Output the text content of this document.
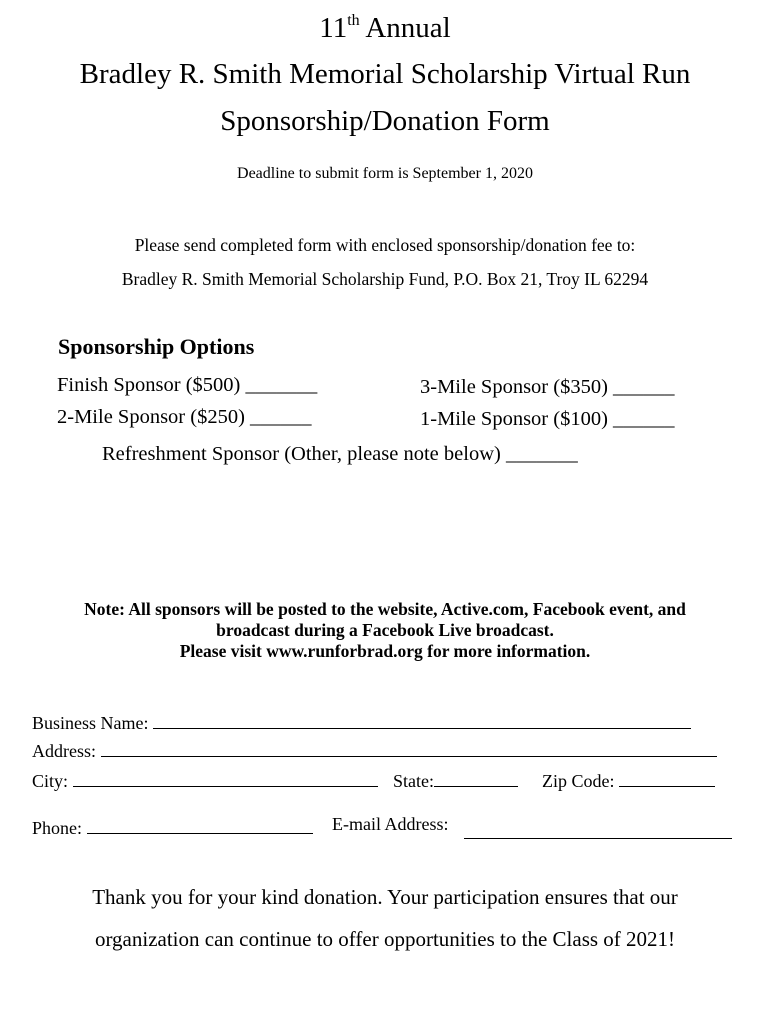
11th Annual
Bradley R. Smith Memorial Scholarship Virtual Run
Sponsorship/Donation Form
Deadline to submit form is September 1, 2020
Please send completed form with enclosed sponsorship/donation fee to:
Bradley R. Smith Memorial Scholarship Fund, P.O. Box 21, Troy IL 62294
Sponsorship Options
Finish Sponsor ($500) _______	3-Mile Sponsor ($350) ______
2-Mile Sponsor ($250) ______	1-Mile Sponsor ($100) ______
Refreshment Sponsor (Other, please note below) _______
Note: All sponsors will be posted to the website, Active.com, Facebook event, and
broadcast during a Facebook Live broadcast.
Please visit www.runforbrad.org for more information.
Business Name:
Address:
City:	State:	Zip Code:
Phone:	E-mail Address:
Thank you for your kind donation. Your participation ensures that our
organization can continue to offer opportunities to the Class of 2021!
